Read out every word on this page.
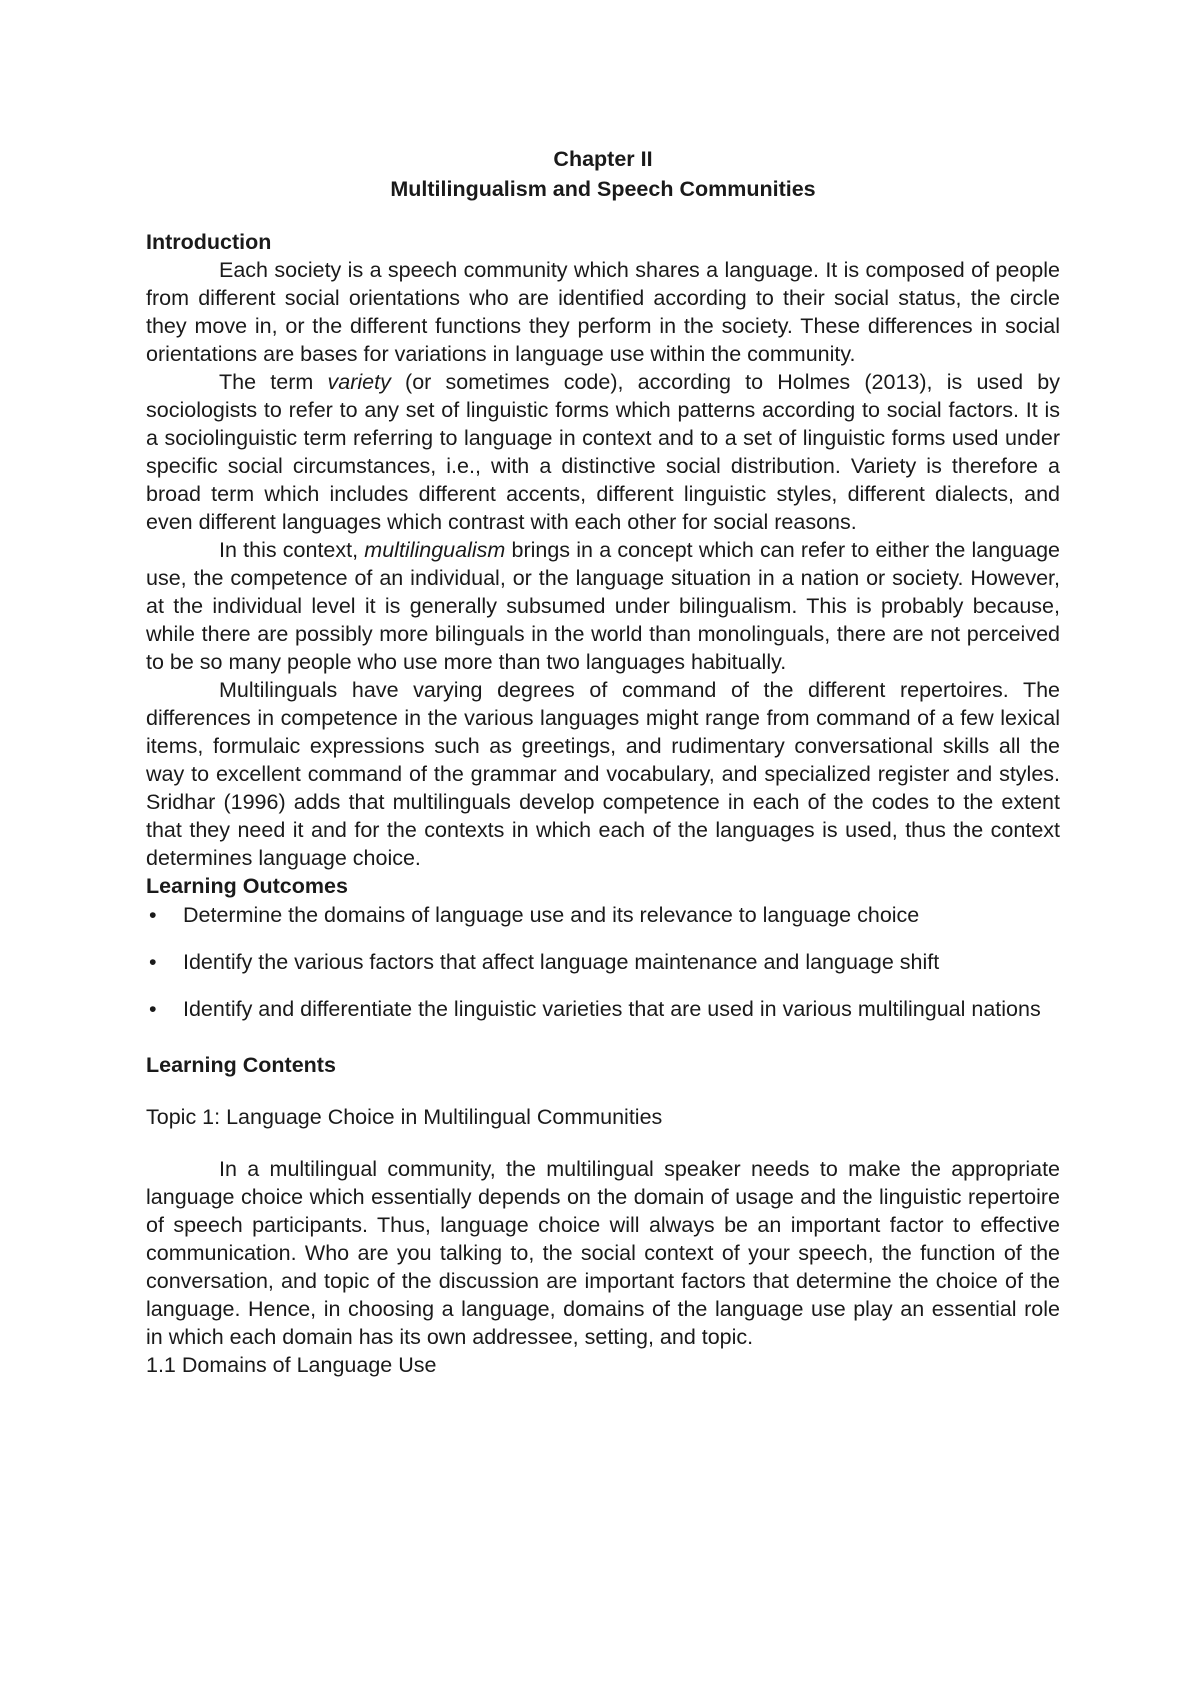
Chapter II
Multilingualism and Speech Communities
Introduction

Each society is a speech community which shares a language. It is composed of people from different social orientations who are identified according to their social status, the circle they move in, or the different functions they perform in the society. These differences in social orientations are bases for variations in language use within the community.

The term variety (or sometimes code), according to Holmes (2013), is used by sociologists to refer to any set of linguistic forms which patterns according to social factors. It is a sociolinguistic term referring to language in context and to a set of linguistic forms used under specific social circumstances, i.e., with a distinctive social distribution. Variety is therefore a broad term which includes different accents, different linguistic styles, different dialects, and even different languages which contrast with each other for social reasons.

In this context, multilingualism brings in a concept which can refer to either the language use, the competence of an individual, or the language situation in a nation or society. However, at the individual level it is generally subsumed under bilingualism. This is probably because, while there are possibly more bilinguals in the world than monolinguals, there are not perceived to be so many people who use more than two languages habitually.

Multilinguals have varying degrees of command of the different repertoires. The differences in competence in the various languages might range from command of a few lexical items, formulaic expressions such as greetings, and rudimentary conversational skills all the way to excellent command of the grammar and vocabulary, and specialized register and styles. Sridhar (1996) adds that multilinguals develop competence in each of the codes to the extent that they need it and for the contexts in which each of the languages is used, thus the context determines language choice.

Learning Outcomes
• Determine the domains of language use and its relevance to language choice
• Identify the various factors that affect language maintenance and language shift
• Identify and differentiate the linguistic varieties that are used in various multilingual nations
Learning Contents

Topic 1: Language Choice in Multilingual Communities

In a multilingual community, the multilingual speaker needs to make the appropriate language choice which essentially depends on the domain of usage and the linguistic repertoire of speech participants. Thus, language choice will always be an important factor to effective communication. Who are you talking to, the social context of your speech, the function of the conversation, and topic of the discussion are important factors that determine the choice of the language. Hence, in choosing a language, domains of the language use play an essential role in which each domain has its own addressee, setting, and topic.

1.1 Domains of Language Use
